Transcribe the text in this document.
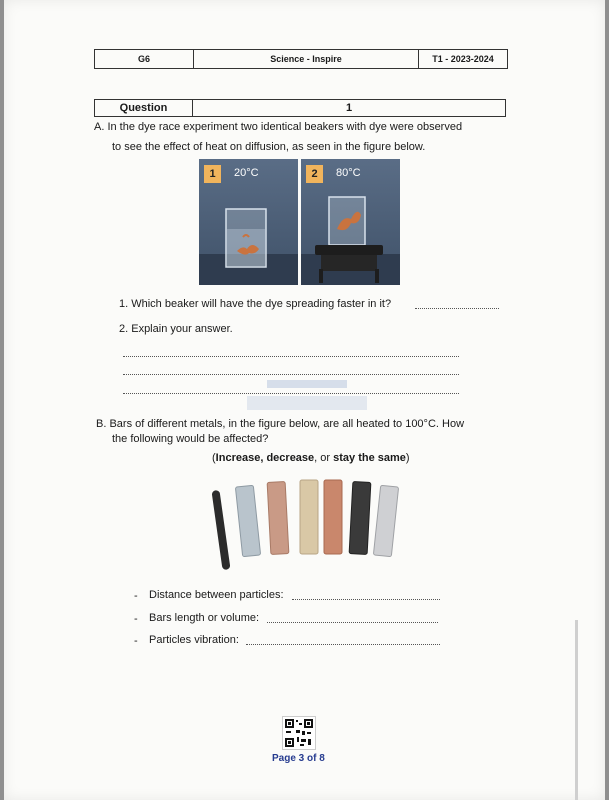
G6	Science - Inspire	T1 - 2023-2024
Question	1
A. In the dye race experiment two identical beakers with dye were observed
to see the effect of heat on diffusion, as seen in the figure below.
1	20°C	2	80°C
1. Which beaker will have the dye spreading faster in it?
2. Explain your answer.
B. Bars of different metals, in the figure below, are all heated to 100°C. How
the following would be affected?
(Increase, decrease, or stay the same)
- Distance between particles:
- Bars length or volume:
- Particles vibration:
Page 3 of 8
